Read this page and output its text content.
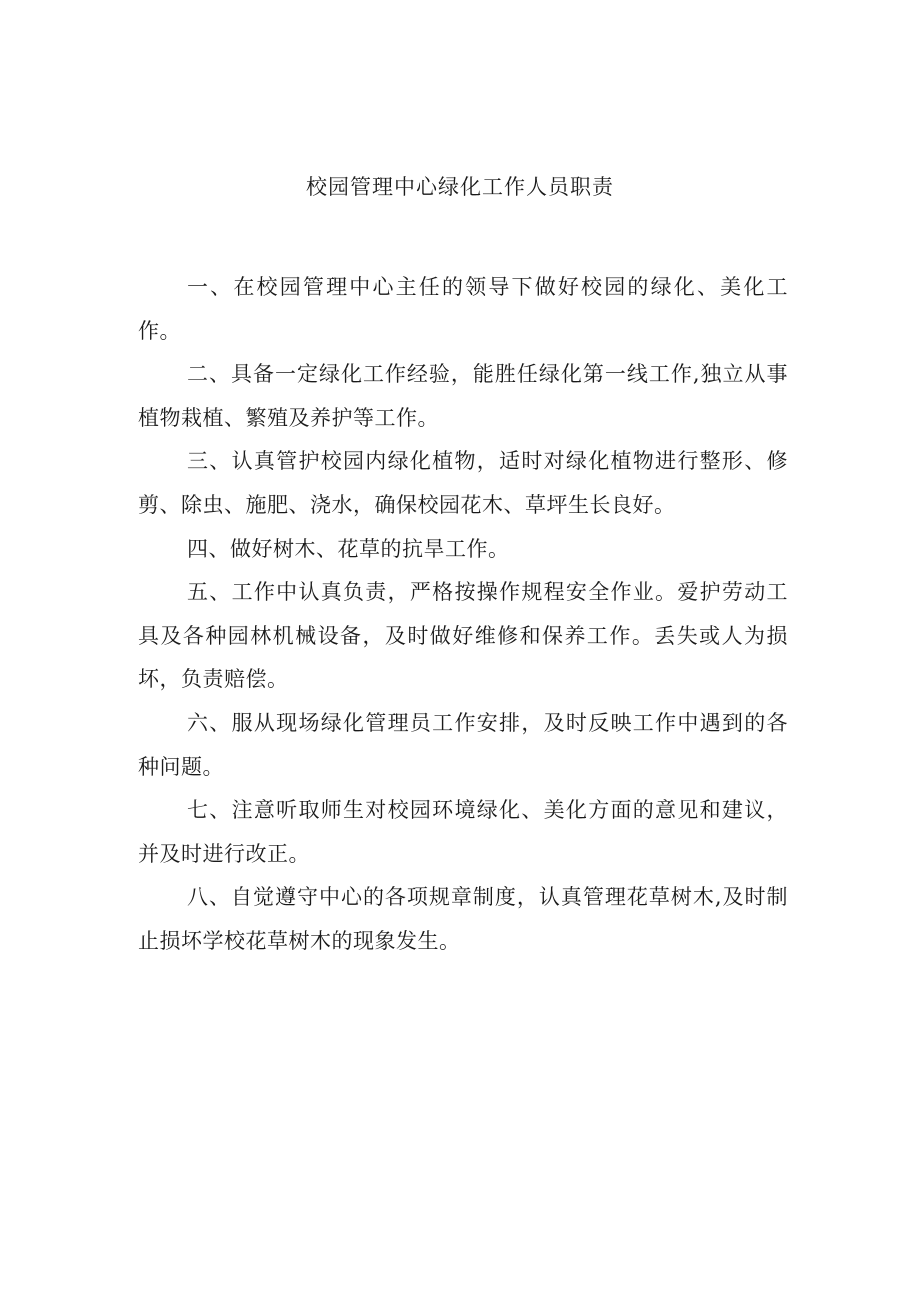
校园管理中心绿化工作人员职责

一、在校园管理中心主任的领导下做好校园的绿化、美化工作。

二、具备一定绿化工作经验，能胜任绿化第一线工作,独立从事植物栽植、繁殖及养护等工作。

三、认真管护校园内绿化植物，适时对绿化植物进行整形、修剪、除虫、施肥、浇水，确保校园花木、草坪生长良好。

四、做好树木、花草的抗旱工作。

五、工作中认真负责，严格按操作规程安全作业。爱护劳动工具及各种园林机械设备，及时做好维修和保养工作。丢失或人为损坏，负责赔偿。

六、服从现场绿化管理员工作安排，及时反映工作中遇到的各种问题。

七、注意听取师生对校园环境绿化、美化方面的意见和建议，并及时进行改正。

八、自觉遵守中心的各项规章制度，认真管理花草树木,及时制止损坏学校花草树木的现象发生。
